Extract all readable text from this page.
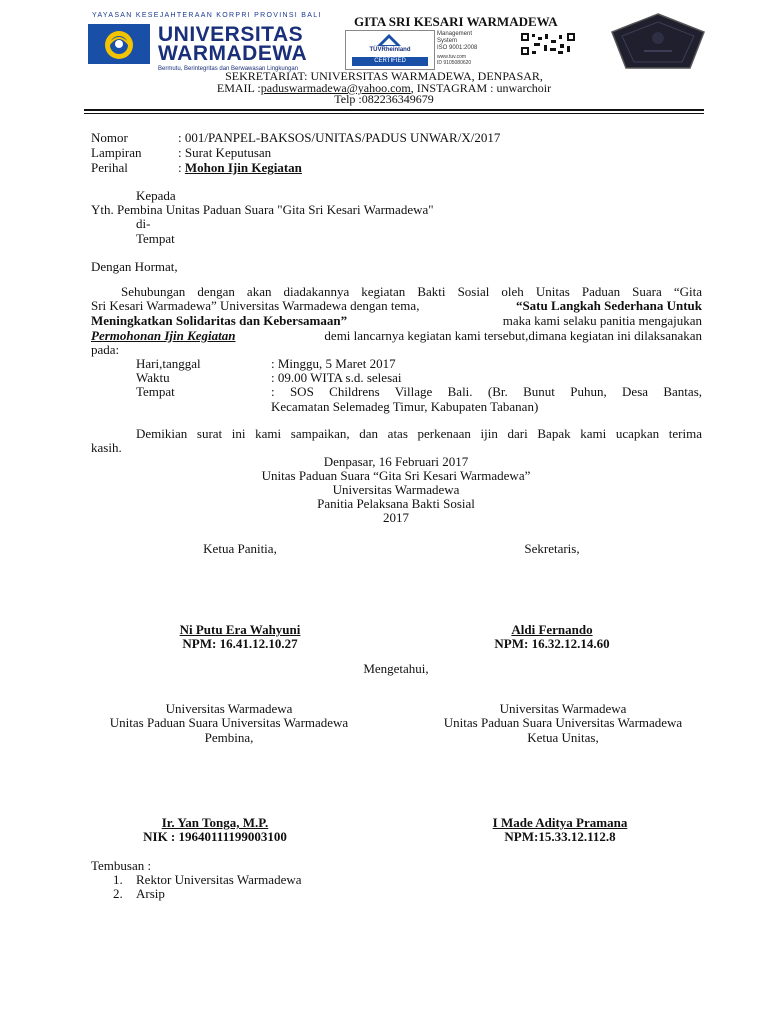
YAYASAN KESEJAHTERAAN KORPRI PROVINSI BALI
UNIVERSITAS
WARMADEWA
Bermutu, Berintegritas dan Berwawasan Lingkungan
GITA SRI KESARI WARMADEWA
TÜVRheinland
CERTIFIED
Management
System
ISO 9001:2008
www.tuv.com
ID 9105080620
SEKRETARIAT: UNIVERSITAS WARMADEWA, DENPASAR,
EMAIL :paduswarmadewa@yahoo.com, INSTAGRAM : unwarchoir
Telp :082236349679
Nomor	: 001/PANPEL-BAKSOS/UNITAS/PADUS UNWAR/X/2017
Lampiran	: Surat Keputusan
Perihal	: Mohon Ijin Kegiatan
Kepada
Yth. Pembina Unitas Paduan Suara "Gita Sri Kesari Warmadewa"
di-
Tempat
Dengan Hormat,
Sehubungan dengan akan diadakannya kegiatan Bakti Sosial oleh Unitas Paduan Suara “Gita
Sri Kesari Warmadewa” Universitas Warmadewa dengan tema,	“Satu Langkah Sederhana Untuk
Meningkatkan Solidaritas dan Kebersamaan”	maka kami selaku panitia mengajukan
Permohonan Ijin Kegiatan	demi lancarnya kegiatan kami tersebut,dimana kegiatan ini dilaksanakan
pada:
Hari,tanggal	: Minggu, 5 Maret 2017
Waktu	: 09.00 WITA s.d. selesai
Tempat	: SOS Childrens Village Bali. (Br. Bunut Puhun, Desa Bantas,
Kecamatan Selemadeg Timur, Kabupaten Tabanan)
Demikian surat ini kami sampaikan, dan atas perkenaan ijin dari Bapak kami ucapkan terima
kasih.
Denpasar, 16 Februari 2017
Unitas Paduan Suara “Gita Sri Kesari Warmadewa”
Universitas Warmadewa
Panitia Pelaksana Bakti Sosial
2017
Ketua Panitia,	Sekretaris,
Ni Putu Era Wahyuni
NPM: 16.41.12.10.27
Aldi Fernando
NPM: 16.32.12.14.60
Mengetahui,
Universitas Warmadewa
Unitas Paduan Suara Universitas Warmadewa
Pembina,
Universitas Warmadewa
Unitas Paduan Suara Universitas Warmadewa
Ketua Unitas,
Ir. Yan Tonga, M.P.
NIK : 19640111199003100
I Made Aditya Pramana
NPM:15.33.12.112.8
Tembusan :
1. Rektor Universitas Warmadewa
2. Arsip
